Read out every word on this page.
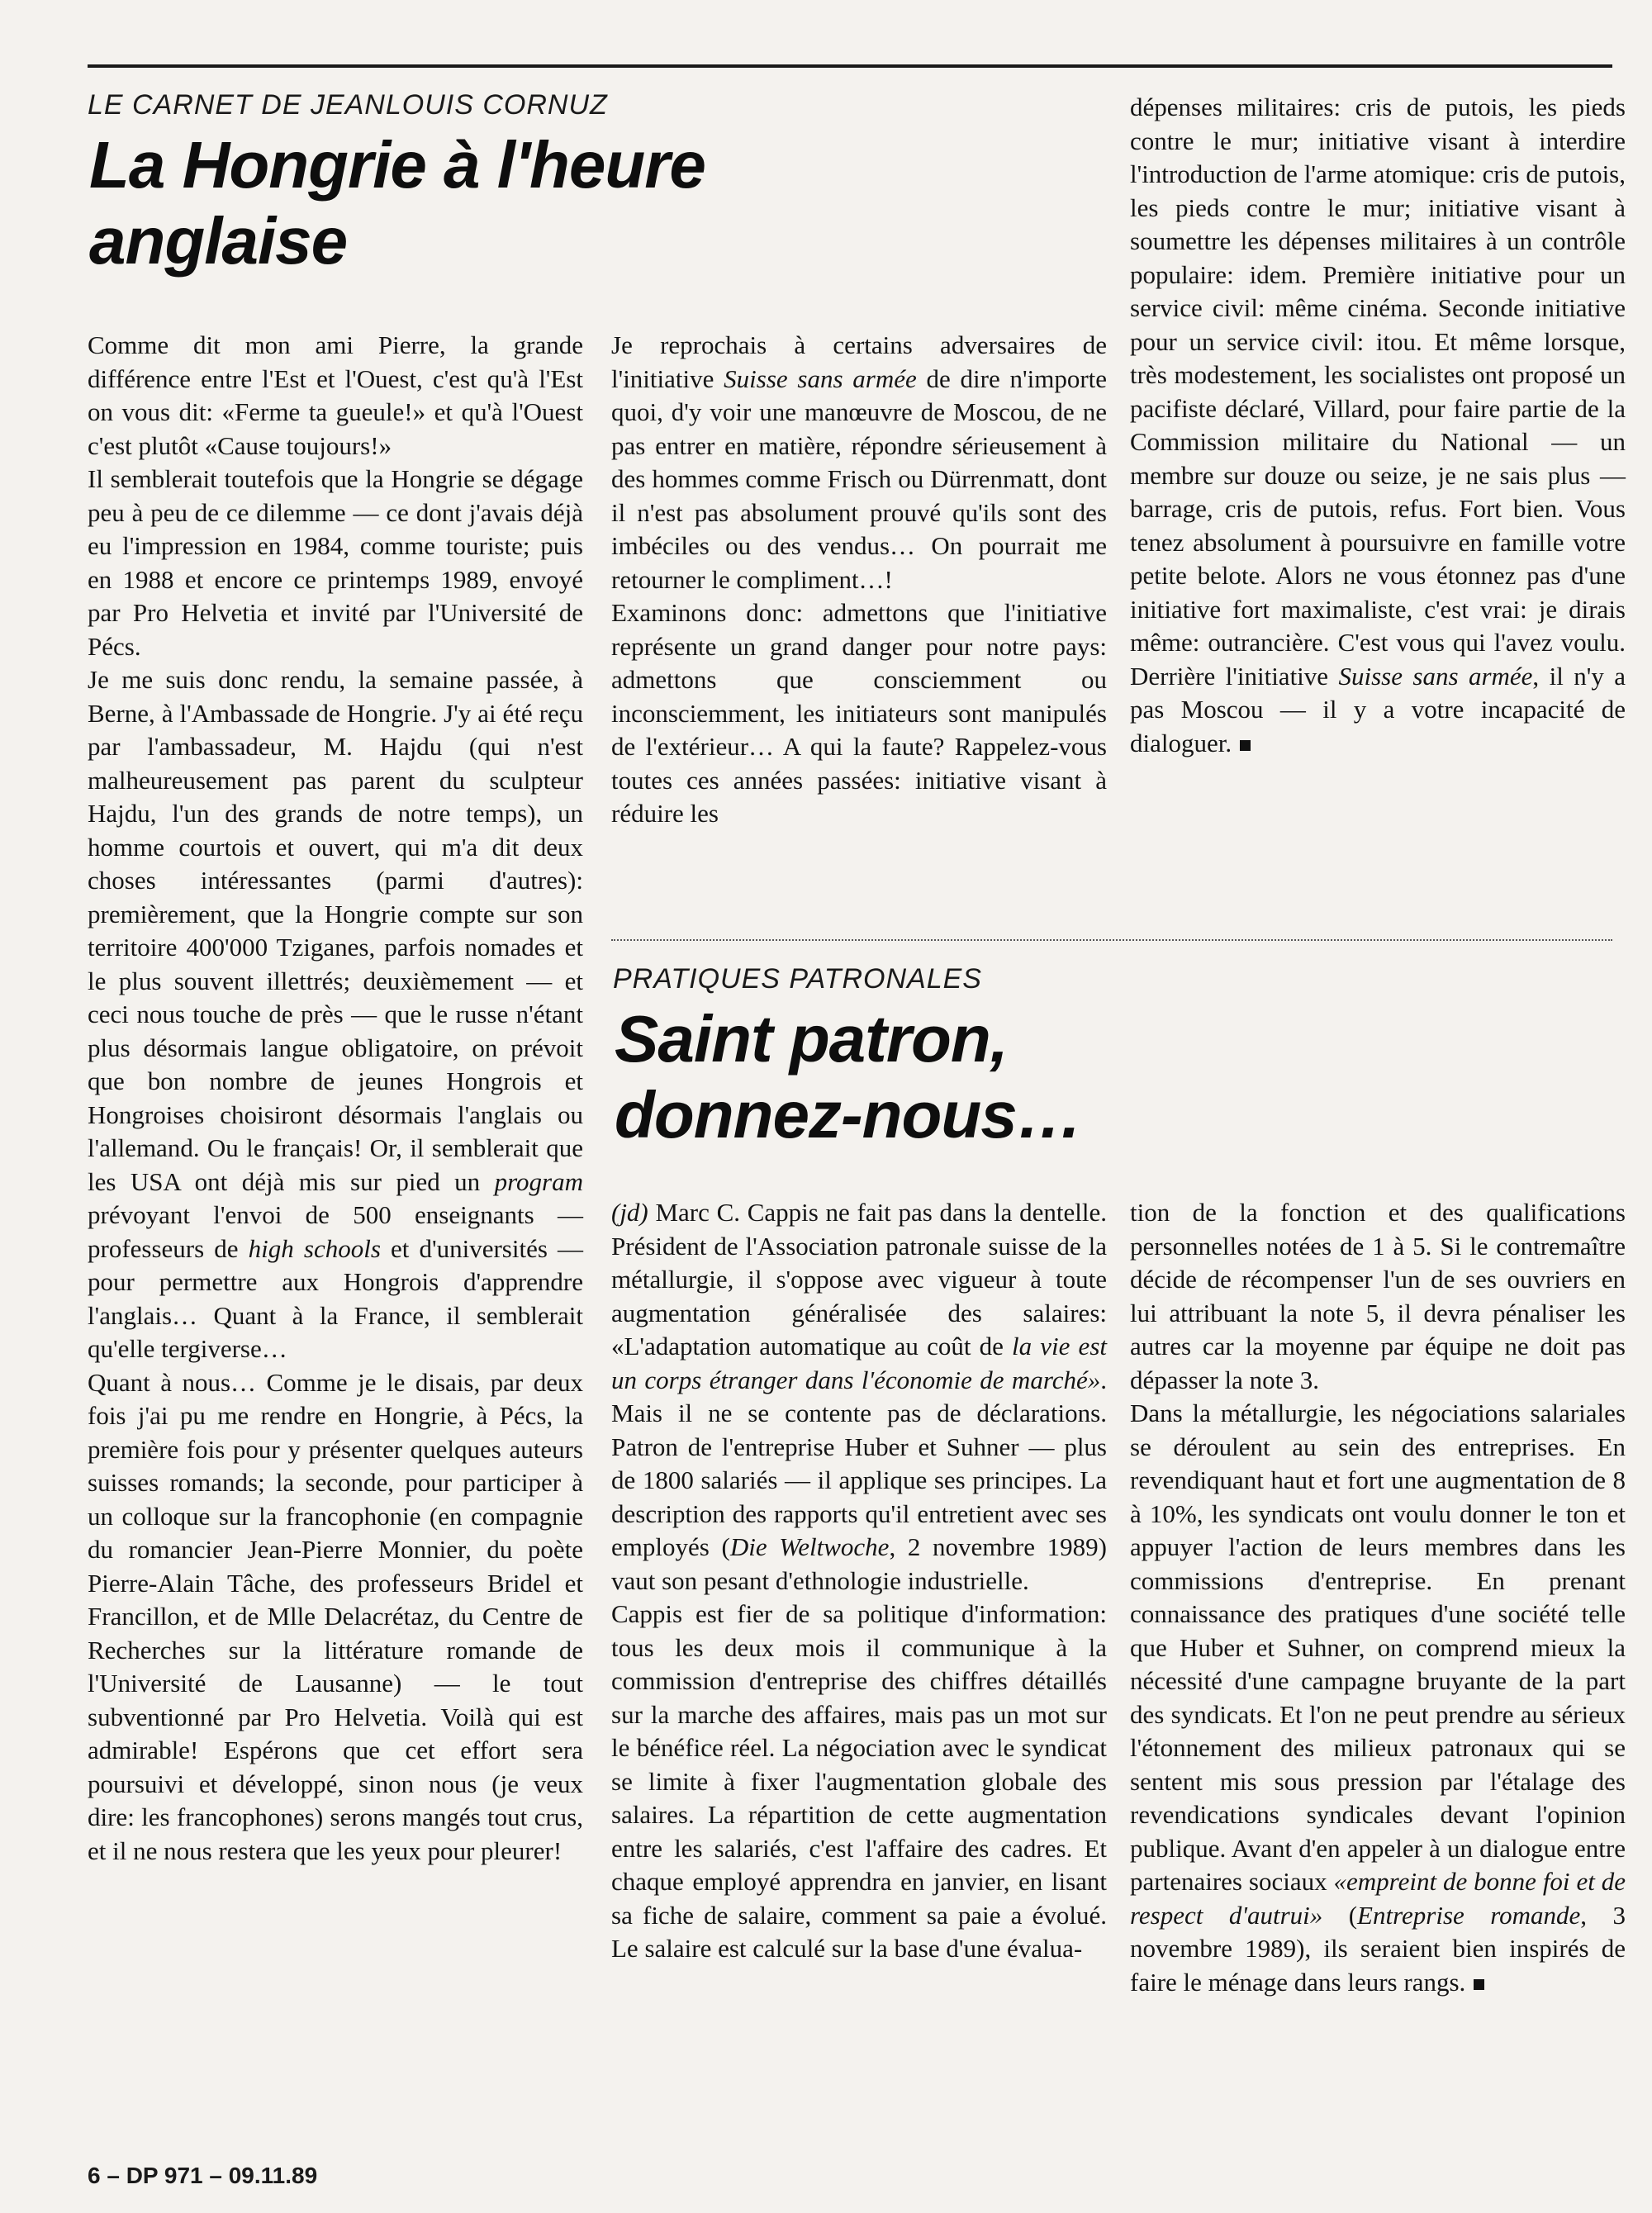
LE CARNET DE JEANLOUIS CORNUZ
La Hongrie à l'heure
anglaise

Comme dit mon ami Pierre, la grande différence entre l'Est et l'Ouest, c'est qu'à l'Est on vous dit: «Ferme ta gueule!» et qu'à l'Ouest c'est plutôt «Cause toujours!»

Il semblerait toutefois que la Hongrie se dégage peu à peu de ce dilemme — ce dont j'avais déjà eu l'impression en 1984, comme touriste; puis en 1988 et encore ce printemps 1989, envoyé par Pro Helvetia et invité par l'Université de Pécs.

Je me suis donc rendu, la semaine passée, à Berne, à l'Ambassade de Hongrie. J'y ai été reçu par l'ambassadeur, M. Hajdu (qui n'est malheureusement pas parent du sculpteur Hajdu, l'un des grands de notre temps), un homme courtois et ouvert, qui m'a dit deux choses intéressantes (parmi d'autres): premièrement, que la Hongrie compte sur son territoire 400'000 Tziganes, parfois nomades et le plus souvent illettrés; deuxièmement — et ceci nous touche de près — que le russe n'étant plus désormais langue obligatoire, on prévoit que bon nombre de jeunes Hongrois et Hongroises choisiront désormais l'anglais ou l'allemand. Ou le français! Or, il semblerait que les USA ont déjà mis sur pied un program prévoyant l'envoi de 500 enseignants — professeurs de high schools et d'universités — pour permettre aux Hongrois d'apprendre l'anglais… Quant à la France, il semblerait qu'elle tergiverse…

Quant à nous… Comme je le disais, par deux fois j'ai pu me rendre en Hongrie, à Pécs, la première fois pour y présenter quelques auteurs suisses romands; la seconde, pour participer à un colloque sur la francophonie (en compagnie du romancier Jean-Pierre Monnier, du poète Pierre-Alain Tâche, des professeurs Bridel et Francillon, et de Mlle Delacrétaz, du Centre de Recherches sur la littérature romande de l'Université de Lausanne) — le tout subventionné par Pro Helvetia. Voilà qui est admirable! Espérons que cet effort sera poursuivi et développé, sinon nous (je veux dire: les francophones) serons mangés tout crus, et il ne nous restera que les yeux pour pleurer!

Je reprochais à certains adversaires de l'initiative Suisse sans armée de dire n'importe quoi, d'y voir une manœuvre de Moscou, de ne pas entrer en matière, répondre sérieusement à des hommes comme Frisch ou Dürrenmatt, dont il n'est pas absolument prouvé qu'ils sont des imbéciles ou des vendus… On pourrait me retourner le compliment…!

Examinons donc: admettons que l'initiative représente un grand danger pour notre pays: admettons que consciemment ou inconsciemment, les initiateurs sont manipulés de l'extérieur… A qui la faute? Rappelez-vous toutes ces années passées: initiative visant à réduire les

dépenses militaires: cris de putois, les pieds contre le mur; initiative visant à interdire l'introduction de l'arme atomique: cris de putois, les pieds contre le mur; initiative visant à soumettre les dépenses militaires à un contrôle populaire: idem. Première initiative pour un service civil: même cinéma. Seconde initiative pour un service civil: itou. Et même lorsque, très modestement, les socialistes ont proposé un pacifiste déclaré, Villard, pour faire partie de la Commission militaire du National — un membre sur douze ou seize, je ne sais plus — barrage, cris de putois, refus. Fort bien. Vous tenez absolument à poursuivre en famille votre petite belote. Alors ne vous étonnez pas d'une initiative fort maximaliste, c'est vrai: je dirais même: outrancière. C'est vous qui l'avez voulu. Derrière l'initiative Suisse sans armée, il n'y a pas Moscou — il y a votre incapacité de dialoguer.

PRATIQUES PATRONALES
Saint patron,
donnez-nous…

(jd) Marc C. Cappis ne fait pas dans la dentelle. Président de l'Association patronale suisse de la métallurgie, il s'oppose avec vigueur à toute augmentation généralisée des salaires: «L'adaptation automatique au coût de la vie est un corps étranger dans l'économie de marché». Mais il ne se contente pas de déclarations. Patron de l'entreprise Huber et Suhner — plus de 1800 salariés — il applique ses principes. La description des rapports qu'il entretient avec ses employés (Die Weltwoche, 2 novembre 1989) vaut son pesant d'ethnologie industrielle.

Cappis est fier de sa politique d'information: tous les deux mois il communique à la commission d'entreprise des chiffres détaillés sur la marche des affaires, mais pas un mot sur le bénéfice réel. La négociation avec le syndicat se limite à fixer l'augmentation globale des salaires. La répartition de cette augmentation entre les salariés, c'est l'affaire des cadres. Et chaque employé apprendra en janvier, en lisant sa fiche de salaire, comment sa paie a évolué. Le salaire est calculé sur la base d'une évalua-

tion de la fonction et des qualifications personnelles notées de 1 à 5. Si le contremaître décide de récompenser l'un de ses ouvriers en lui attribuant la note 5, il devra pénaliser les autres car la moyenne par équipe ne doit pas dépasser la note 3.

Dans la métallurgie, les négociations salariales se déroulent au sein des entreprises. En revendiquant haut et fort une augmentation de 8 à 10%, les syndicats ont voulu donner le ton et appuyer l'action de leurs membres dans les commissions d'entreprise. En prenant connaissance des pratiques d'une société telle que Huber et Suhner, on comprend mieux la nécessité d'une campagne bruyante de la part des syndicats. Et l'on ne peut prendre au sérieux l'étonnement des milieux patronaux qui se sentent mis sous pression par l'étalage des revendications syndicales devant l'opinion publique. Avant d'en appeler à un dialogue entre partenaires sociaux «empreint de bonne foi et de respect d'autrui» (Entreprise romande, 3 novembre 1989), ils seraient bien inspirés de faire le ménage dans leurs rangs.

6 – DP 971 – 09.11.89
